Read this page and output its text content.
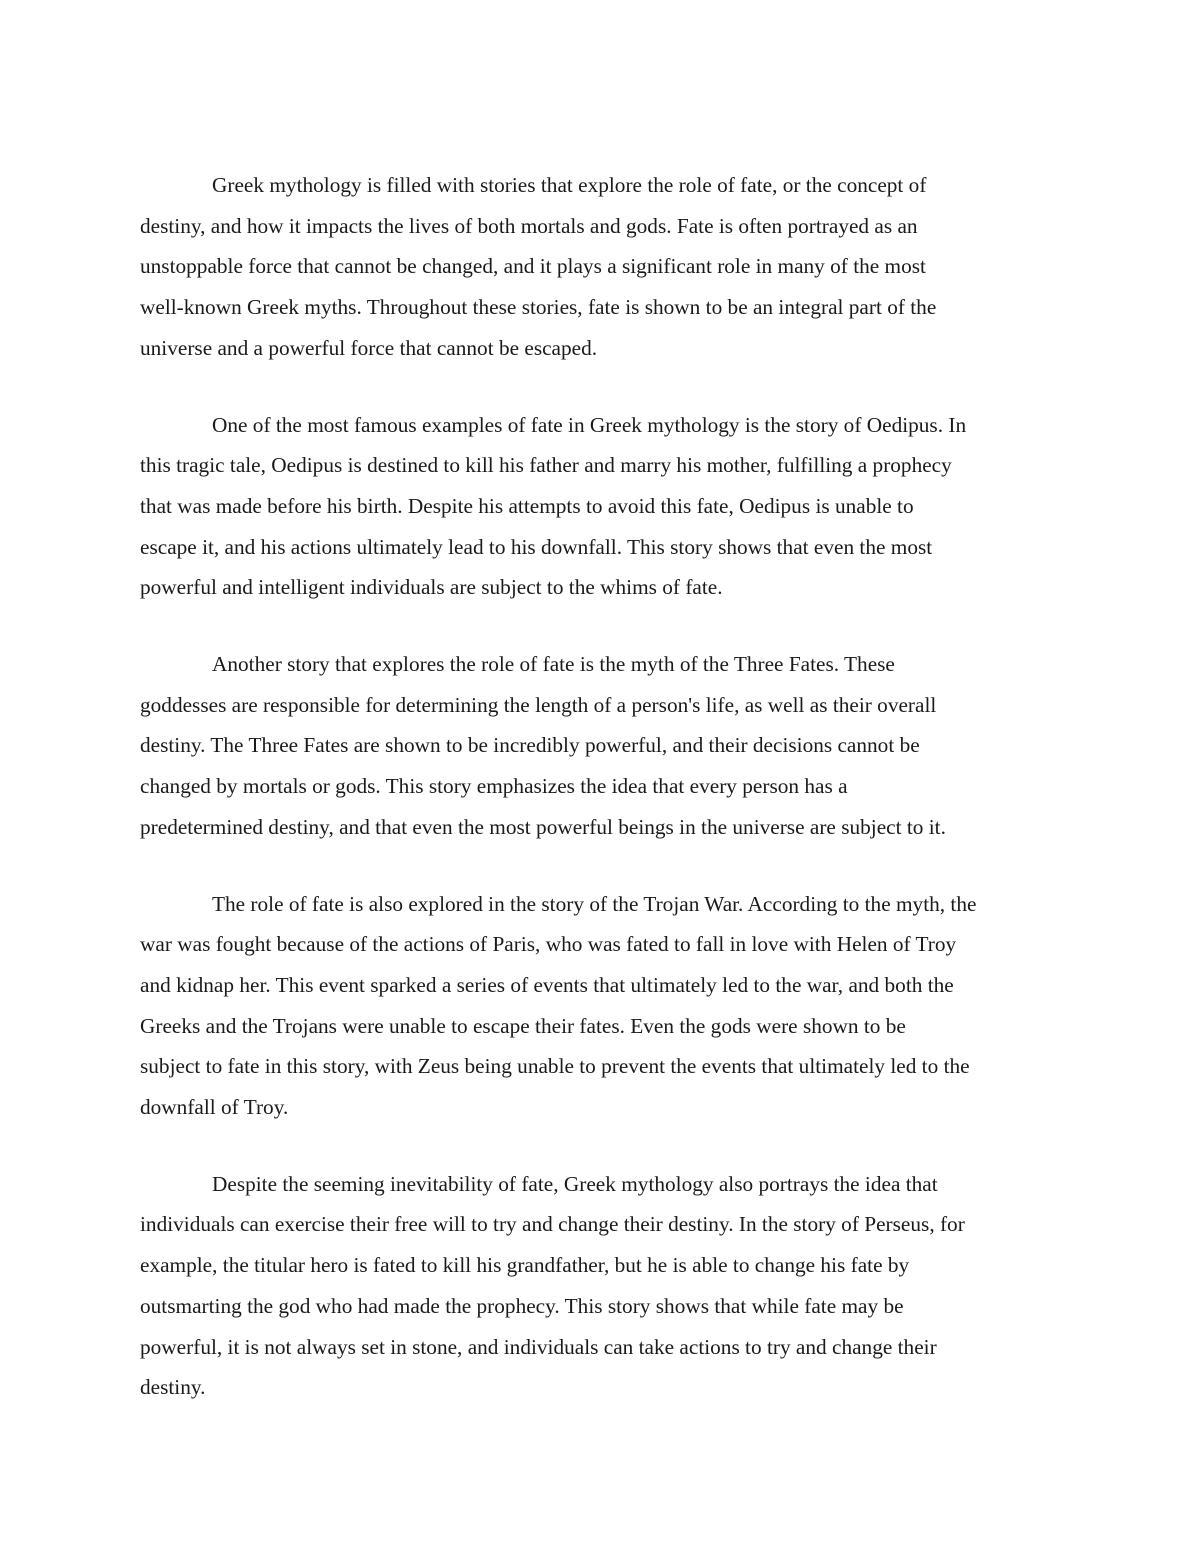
Greek mythology is filled with stories that explore the role of fate, or the concept of
destiny, and how it impacts the lives of both mortals and gods. Fate is often portrayed as an
unstoppable force that cannot be changed, and it plays a significant role in many of the most
well-known Greek myths. Throughout these stories, fate is shown to be an integral part of the
universe and a powerful force that cannot be escaped.

One of the most famous examples of fate in Greek mythology is the story of Oedipus. In
this tragic tale, Oedipus is destined to kill his father and marry his mother, fulfilling a prophecy
that was made before his birth. Despite his attempts to avoid this fate, Oedipus is unable to
escape it, and his actions ultimately lead to his downfall. This story shows that even the most
powerful and intelligent individuals are subject to the whims of fate.

Another story that explores the role of fate is the myth of the Three Fates. These
goddesses are responsible for determining the length of a person's life, as well as their overall
destiny. The Three Fates are shown to be incredibly powerful, and their decisions cannot be
changed by mortals or gods. This story emphasizes the idea that every person has a
predetermined destiny, and that even the most powerful beings in the universe are subject to it.

The role of fate is also explored in the story of the Trojan War. According to the myth, the
war was fought because of the actions of Paris, who was fated to fall in love with Helen of Troy
and kidnap her. This event sparked a series of events that ultimately led to the war, and both the
Greeks and the Trojans were unable to escape their fates. Even the gods were shown to be
subject to fate in this story, with Zeus being unable to prevent the events that ultimately led to the
downfall of Troy.

Despite the seeming inevitability of fate, Greek mythology also portrays the idea that
individuals can exercise their free will to try and change their destiny. In the story of Perseus, for
example, the titular hero is fated to kill his grandfather, but he is able to change his fate by
outsmarting the god who had made the prophecy. This story shows that while fate may be
powerful, it is not always set in stone, and individuals can take actions to try and change their
destiny.
